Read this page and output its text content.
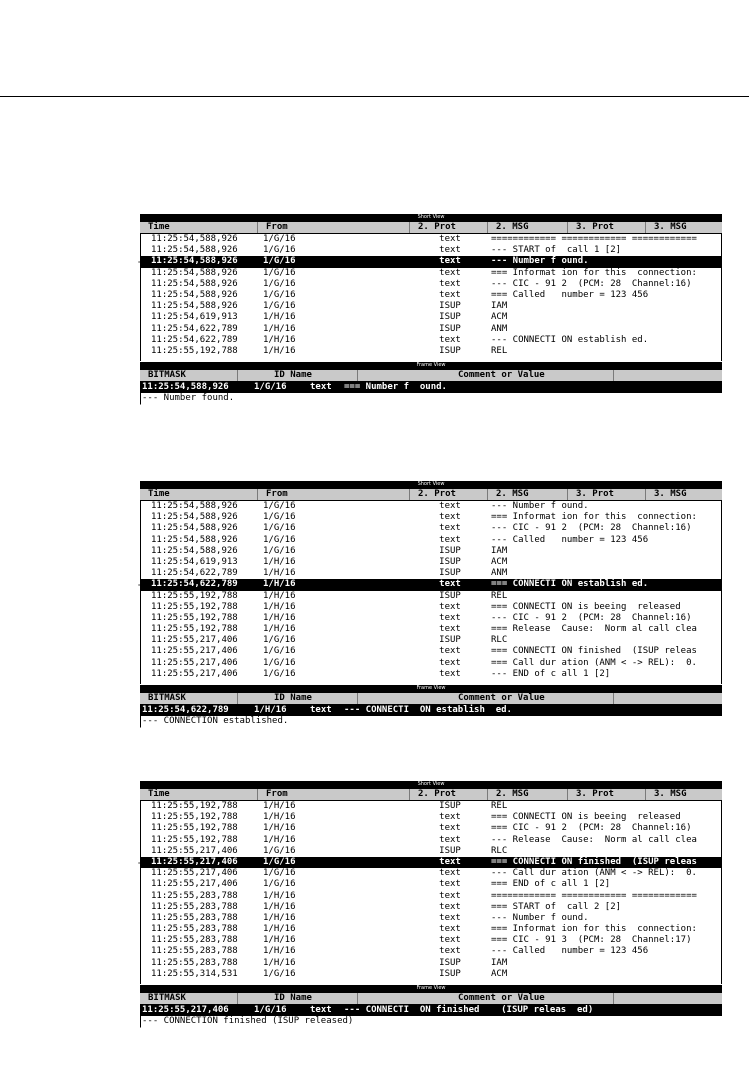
Short View
Time	From	2. Prot	2. MSG	3. Prot	3. MSG
11:25:54,588,926	1/G/16	text	============ ============ ============
11:25:54,588,926	1/G/16	text	--- START of  call 1 [2]
11:25:54,588,926	1/G/16	text	--- Number f ound.
⇒
11:25:54,588,926	1/G/16	text	=== Informat ion for this  connection:
11:25:54,588,926	1/G/16	text	--- CIC - 91 2  (PCM: 28  Channel:16)
11:25:54,588,926	1/G/16	text	=== Called   number = 123 456
11:25:54,588,926	1/G/16	ISUP	IAM
11:25:54,619,913	1/H/16	ISUP	ACM
11:25:54,622,789	1/H/16	ISUP	ANM
11:25:54,622,789	1/H/16	text	--- CONNECTI ON establish ed.
11:25:55,192,788	1/H/16	ISUP	REL
Frame View
BITMASK	ID Name	Comment or Value
11:25:54,588,926	1/G/16	text === Number f  ound.
--- Number found.
Short View
Time	From	2. Prot	2. MSG	3. Prot	3. MSG
11:25:54,588,926	1/G/16	text	--- Number f ound.
11:25:54,588,926	1/G/16	text	=== Informat ion for this  connection:
11:25:54,588,926	1/G/16	text	--- CIC - 91 2  (PCM: 28  Channel:16)
11:25:54,588,926	1/G/16	text	--- Called   number = 123 456
11:25:54,588,926	1/G/16	ISUP	IAM
11:25:54,619,913	1/H/16	ISUP	ACM
11:25:54,622,789	1/H/16	ISUP	ANM
11:25:54,622,789	1/H/16	text	=== CONNECTI ON establish ed.
⇒
11:25:55,192,788	1/H/16	ISUP	REL
11:25:55,192,788	1/H/16	text	=== CONNECTI ON is beeing  released
11:25:55,192,788	1/H/16	text	--- CIC - 91 2  (PCM: 28  Channel:16)
11:25:55,192,788	1/H/16	text	=== Release  Cause:  Norm al call clea
11:25:55,217,406	1/G/16	ISUP	RLC
11:25:55,217,406	1/G/16	text	=== CONNECTI ON finished  (ISUP releas
11:25:55,217,406	1/G/16	text	=== Call dur ation (ANM < -> REL):  0.
11:25:55,217,406	1/G/16	text	--- END of c all 1 [2]
Frame View
BITMASK	ID Name	Comment or Value
11:25:54,622,789	1/H/16	text --- CONNECTI  ON establish  ed.
--- CONNECTION established.
Short View
Time	From	2. Prot	2. MSG	3. Prot	3. MSG
11:25:55,192,788	1/H/16	ISUP	REL
11:25:55,192,788	1/H/16	text	=== CONNECTI ON is beeing  released
11:25:55,192,788	1/H/16	text	=== CIC - 91 2  (PCM: 28  Channel:16)
11:25:55,192,788	1/H/16	text	--- Release  Cause:  Norm al call clea
11:25:55,217,406	1/G/16	ISUP	RLC
11:25:55,217,406	1/G/16	text	=== CONNECTI ON finished  (ISUP releas
⇒
11:25:55,217,406	1/G/16	text	--- Call dur ation (ANM < -> REL):  0.
11:25:55,217,406	1/G/16	text	=== END of c all 1 [2]
11:25:55,283,788	1/H/16	text	============ ============ ============
11:25:55,283,788	1/H/16	text	=== START of  call 2 [2]
11:25:55,283,788	1/H/16	text	--- Number f ound.
11:25:55,283,788	1/H/16	text	=== Informat ion for this  connection:
11:25:55,283,788	1/H/16	text	=== CIC - 91 3  (PCM: 28  Channel:17)
11:25:55,283,788	1/H/16	text	--- Called   number = 123 456
11:25:55,283,788	1/H/16	ISUP	IAM
11:25:55,314,531	1/G/16	ISUP	ACM
Frame View
BITMASK	ID Name	Comment or Value
11:25:55,217,406	1/G/16	text --- CONNECTI  ON finished    (ISUP releas  ed)
--- CONNECTION finished (ISUP released)
